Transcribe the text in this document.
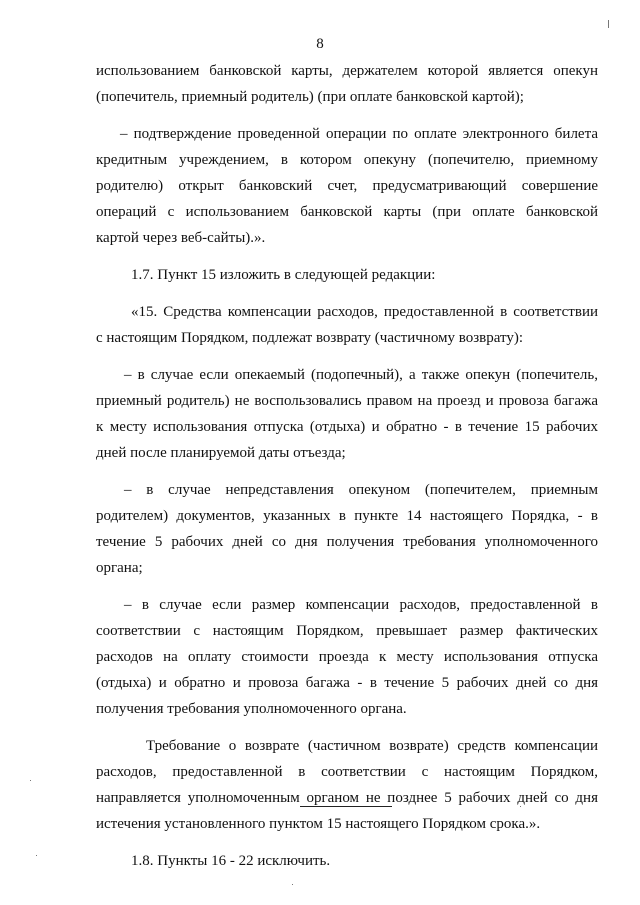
8
использованием банковской карты, держателем которой является опекун
(попечитель, приемный родитель) (при оплате банковской картой);
– подтверждение проведенной операции по оплате электронного билета
кредитным учреждением, в котором опекуну (попечителю, приемному
родителю) открыт банковский счет, предусматривающий совершение
операций с использованием банковской карты (при оплате банковской
картой через веб-сайты).».
1.7. Пункт 15 изложить в следующей редакции:
«15. Средства компенсации расходов, предоставленной в соответствии
с настоящим Порядком, подлежат возврату (частичному возврату):
– в случае если опекаемый (подопечный), а также опекун (попечитель,
приемный родитель) не воспользовались правом на проезд и провоза багажа
к месту использования отпуска (отдыха) и обратно - в течение 15 рабочих
дней после планируемой даты отъезда;
– в случае непредставления опекуном (попечителем, приемным
родителем) документов, указанных в пункте 14 настоящего Порядка, - в
течение 5 рабочих дней со дня получения требования уполномоченного
органа;
– в случае если размер компенсации расходов, предоставленной в
соответствии с настоящим Порядком, превышает размер фактических
расходов на оплату стоимости проезда к месту использования отпуска
(отдыха) и обратно и провоза багажа - в течение 5 рабочих дней со дня
получения требования уполномоченного органа.
Требование о возврате (частичном возврате) средств компенсации
расходов, предоставленной в соответствии с настоящим Порядком,
направляется уполномоченным органом не позднее 5 рабочих дней со дня
истечения установленного пунктом 15 настоящего Порядком срока.».
1.8. Пункты 16 - 22 исключить.
